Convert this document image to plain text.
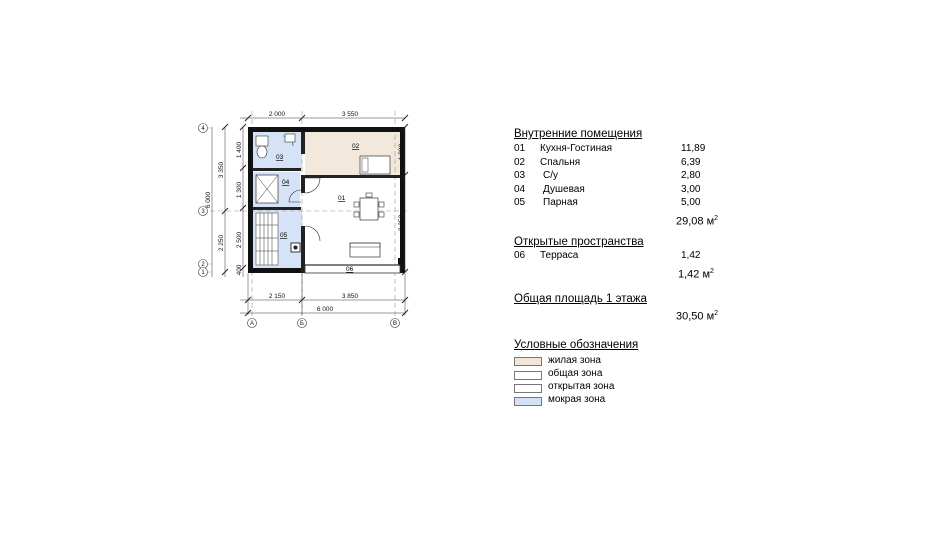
01
02
03
04
05
06
2 000	3 550
2 150	3 850
6 000
1 400
1 300
2 500
400
3 350
2 250
6 000
1 800
3 350
4
3
2
1
А	Б	В
Внутренние помещения
01 Кухня-Гостиная	11,89
02 Спальня	6,39
03 С/у	2,80
04 Душевая	3,00
05 Парная	5,00
29,08 $м^2$
Открытые пространства
06 Терраса	1,42
1,42 $м^2$
Общая площадь 1 этажа
30,50 $м^2$
Условные обозначения
жилая зона
общая зона
открытая зона
мокрая зона
